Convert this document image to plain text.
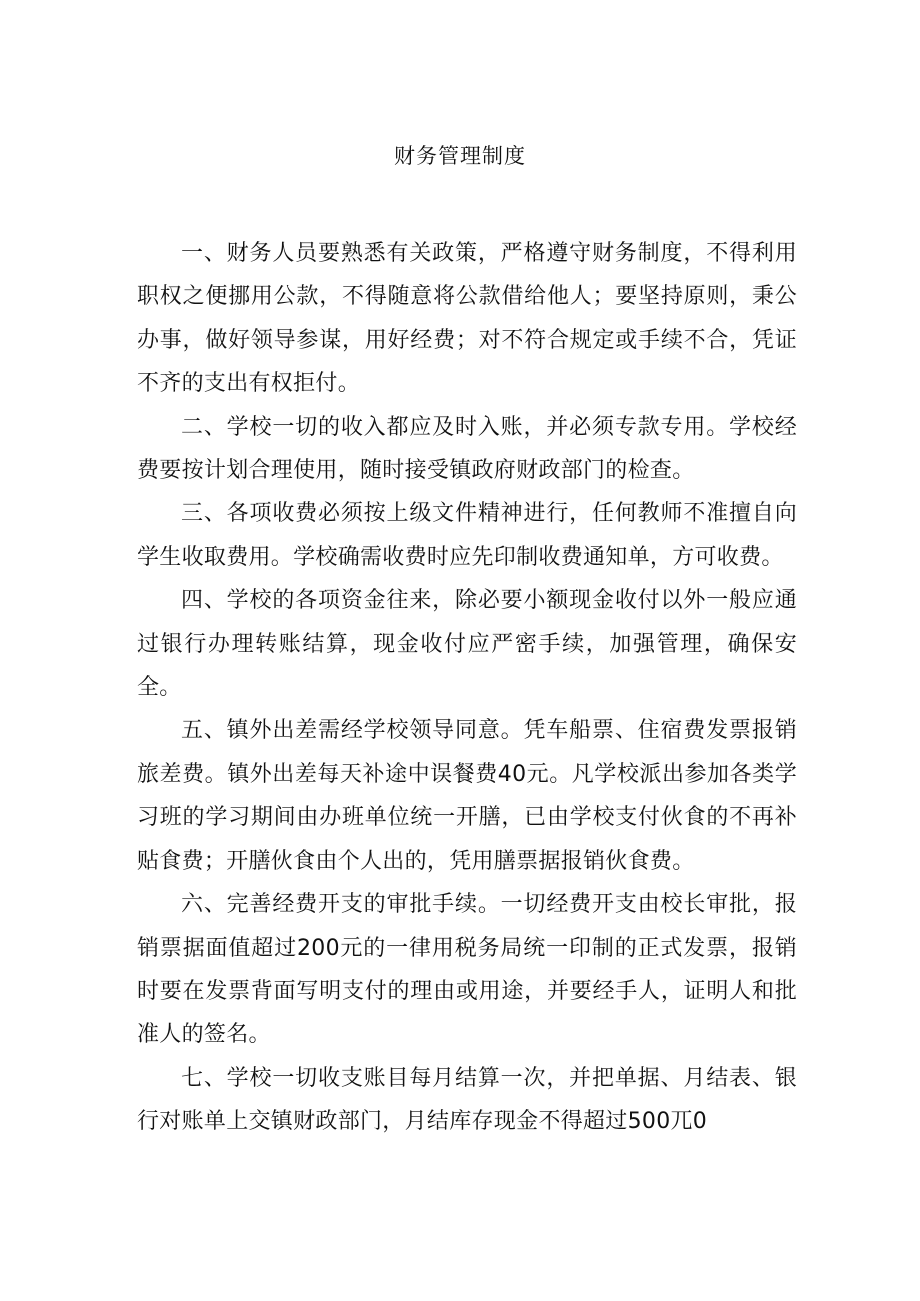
财务管理制度

一、财务人员要熟悉有关政策，严格遵守财务制度，不得利用职权之便挪用公款，不得随意将公款借给他人；要坚持原则，秉公办事，做好领导参谋，用好经费；对不符合规定或手续不合，凭证不齐的支出有权拒付。

二、学校一切的收入都应及时入账，并必须专款专用。学校经费要按计划合理使用，随时接受镇政府财政部门的检查。

三、各项收费必须按上级文件精神进行，任何教师不准擅自向学生收取费用。学校确需收费时应先印制收费通知单，方可收费。

四、学校的各项资金往来，除必要小额现金收付以外一般应通过银行办理转账结算，现金收付应严密手续，加强管理，确保安全。

五、镇外出差需经学校领导同意。凭车船票、住宿费发票报销旅差费。镇外出差每天补途中误餐费40元。凡学校派出参加各类学习班的学习期间由办班单位统一开膳，已由学校支付伙食的不再补贴食费；开膳伙食由个人出的，凭用膳票据报销伙食费。

六、完善经费开支的审批手续。一切经费开支由校长审批，报销票据面值超过200元的一律用税务局统一印制的正式发票，报销时要在发票背面写明支付的理由或用途，并要经手人，证明人和批准人的签名。

七、学校一切收支账目每月结算一次，并把单据、月结表、银行对账单上交镇财政部门，月结库存现金不得超过500兀0
